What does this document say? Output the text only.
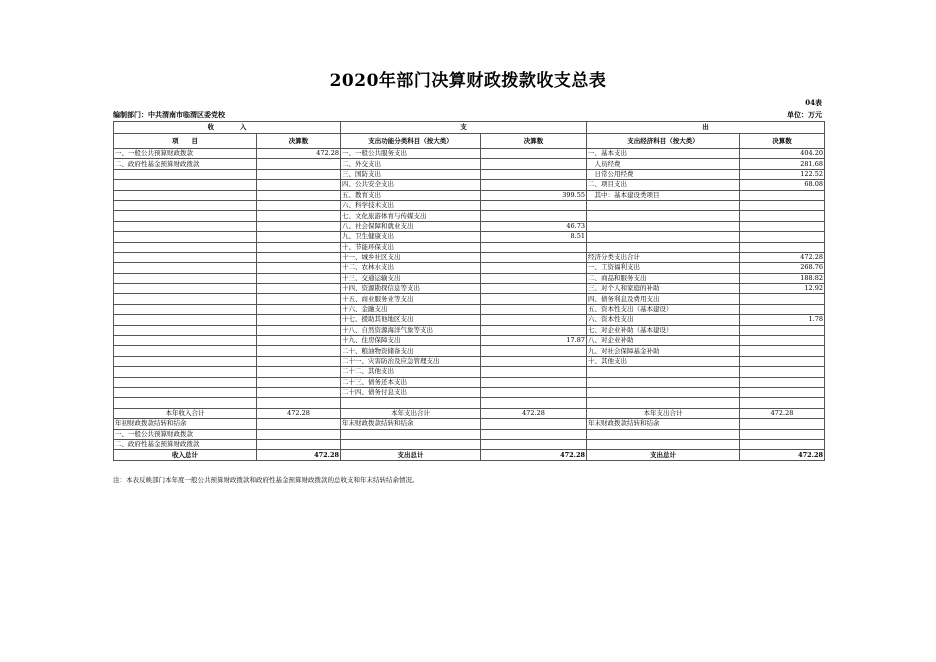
2020年部门决算财政拨款收支总表
04表
编制部门：中共渭南市临渭区委党校	单位：万元
收　　　　入		支		出	
项　　目	决算数	支出功能分类科目（按大类）	决算数	支出经济科目（按大类）	决算数
一、一般公共预算财政拨款	472.28	一、一般公共服务支出		一、基本支出	404.20
二、政府性基金预算财政拨款		二、外交支出		　人员经费	281.68
		三、国防支出		　日常公用经费	122.52
		四、公共安全支出		二、项目支出	68.08
		五、教育支出	399.55	　其中：基本建设类项目	
		六、科学技术支出			
		七、文化旅游体育与传媒支出			
		八、社会保障和就业支出	46.73		
		九、卫生健康支出	8.51		
		十、节能环保支出			
		十一、城乡社区支出		经济分类支出合计	472.28
		十二、农林水支出		一、工资福利支出	268.76
		十三、交通运输支出		二、商品和服务支出	188.82
		十四、资源勘探信息等支出		三、对个人和家庭的补助	12.92
		十五、商业服务业等支出		四、债务利息及费用支出	
		十六、金融支出		五、资本性支出（基本建设）	
		十七、援助其他地区支出		六、资本性支出	1.78
		十八、自然资源海洋气象等支出		七、对企业补助（基本建设）	
		十九、住房保障支出	17.87	八、对企业补助	
		二十、粮油物资储备支出		九、对社会保障基金补助	
		二十一、灾害防治及应急管理支出		十、其他支出	
		二十二、其他支出			
		二十三、债务还本支出			
		二十四、债务付息支出			

本年收入合计	472.28	本年支出合计	472.28	本年支出合计	472.28
年初财政拨款结转和结余		年末财政拨款结转和结余		年末财政拨款结转和结余	
一、一般公共预算财政拨款					
二、政府性基金预算财政拨款					
收入总计	472.28	支出总计	472.28	支出总计	472.28
注：本表反映部门本年度一般公共预算财政拨款和政府性基金预算财政拨款的总收支和年末结转结余情况。
